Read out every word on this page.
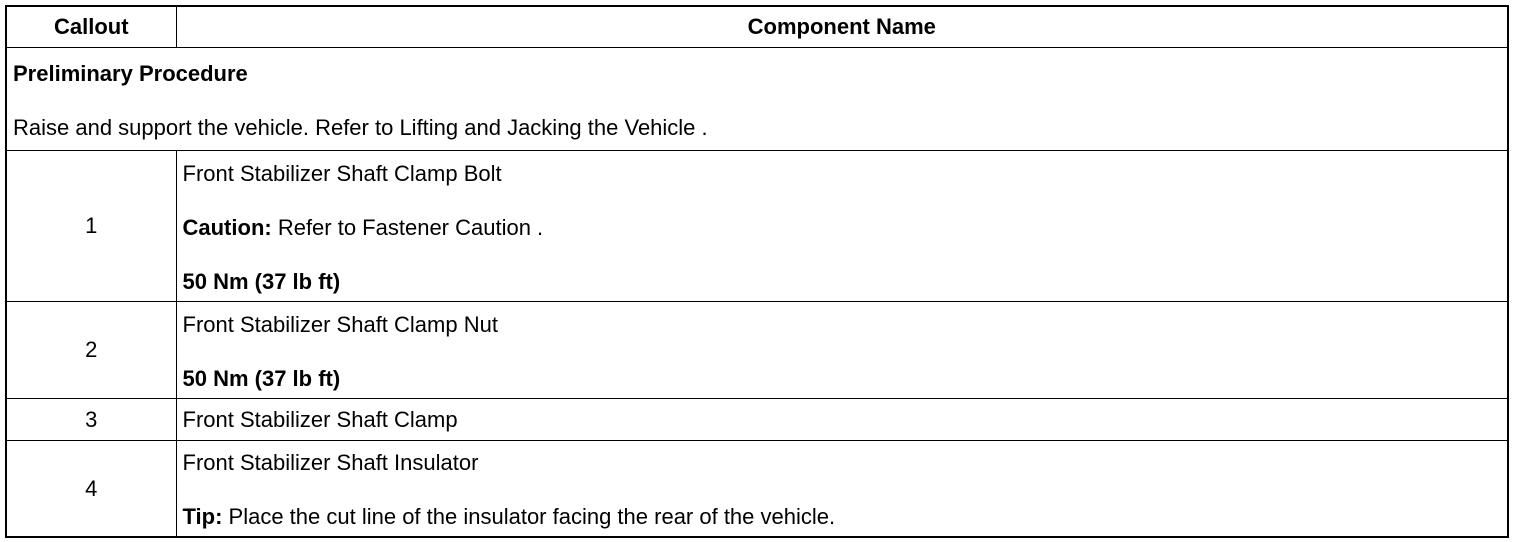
Callout	Component Name

Preliminary Procedure
Raise and support the vehicle. Refer to Lifting and Jacking the Vehicle .	

1	Front Stabilizer Shaft Clamp Bolt
Caution: Refer to Fastener Caution .
50 Nm (37 lb ft)

2	Front Stabilizer Shaft Clamp Nut
50 Nm (37 lb ft)

3	Front Stabilizer Shaft Clamp

4	Front Stabilizer Shaft Insulator
Tip: Place the cut line of the insulator facing the rear of the vehicle.
